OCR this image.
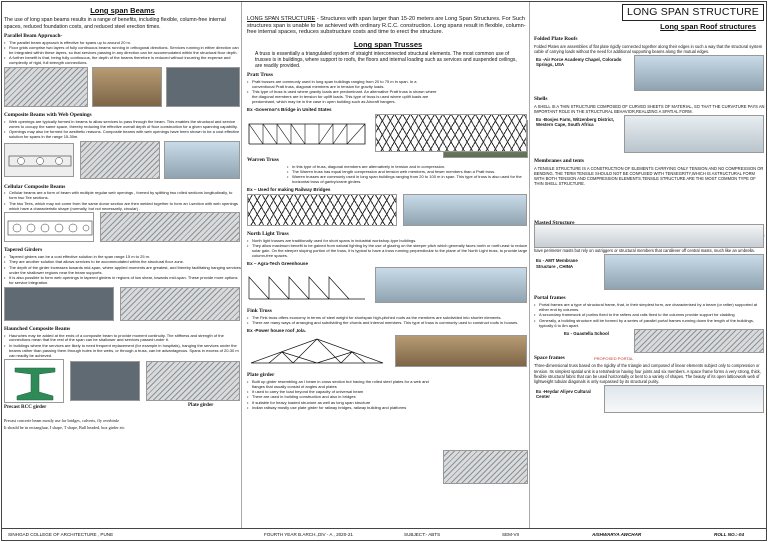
Long span Beams
The use of long span beams results in a range of benefits, including flexible, column-free internal spaces, reduced foundation costs, and reduced steel erection times.
Parallel Beam Approach-
• The parallel beam approach is effective for spans up to around 20 m.
• Floor grids comprise two layers of fully continuous beams running in orthogonal directions. Services running in either direction can be integrated within these layers, so that services passing in any direction can be accommodated within the structural floor depth.
• A further benefit is that, being fully continuous, the depth of the beams therefore is reduced without incurring the expense and complexity of rigid, full strength connections.
Composite Beams with Web Openings
• Web openings are typically formed in beams to allow services to pass through the beam. This enables the structural and service zones to occupy the same space, thereby reducing the effective overall depth of floor construction for a given spanning capability.
• Openings may also be formed for aesthetic reasons. Composite beams with web openings have been shown to be a cost effective solution for spans in the range 15-30m.
Cellular Composite Beams
• Cellular beams are a form of beam with multiple regular web openings , formed by splitting two rolled sections longitudinally, to form two Tee sections.
• The two Tees, which may not come from the same donor section are then welded together to form an I-section with web openings which have a characteristic shape (normally, but not necessarily, circular) .
Tapered Girders
• Tapered girders can be a cost effective solution in the span range 15 m to 25 m.
• They are another solution that allows services to be accommodated within the structural floor zone.
• The depth of the girder increases towards mid-span, where applied moments are greatest, and thereby facilitating hanging services under the shallower regions near the beam supports.
• It is also possible to form web openings in tapered girders in regions of low shear, towards mid-span. These provide more options for service integration.
Haunched Composite Beams
• Haunches may be added at the ends of a composite beam to provide moment continuity. The stiffness and strength of the connections mean that the rest of the span can be shallower and services passed under it.
• In buildings where the services are likely to need frequent replacement (for example in hospitals), hanging the services under the beams rather than passing them through holes in the webs, or through a truss, can be advantageous. Spans in excess of 20-30 m can readily be achieved.
Precast RCC girder	Plate girder
Precast concrete beam mostly use for bridges, culverts, fly overbirdz
It should be in rectangluar, I shape, T shape, Bull headed, box girder etc
LONG SPAN STRUCTURE - Structures with span larger than 15-20 meters are Long Span Structures. For Such structures span is unable to be achieved with ordinary R.C.C. construction. Long spans result in flexible, column-free internal spaces, reduces substructure costs and time to erect the structure.
Long span Trusses
A truss is essentially a triangulated system of straight interconnected structural elements. The most common use of trusses is in buildings, where support to roofs, the floors and internal loading such as services and suspended ceilings, are readily provided.
Pratt Truss
• Pratt trusses are commonly used in long span buildings ranging from 20 to 75 m in span. In a conventional Pratt truss, diagonal members are in tension for gravity loads.
• This type of truss is used where gravity loads are predominant. An alternative Pratt truss is shown where the diagonal members are in tension for uplift loads. This type of truss is used where uplift loads are predominant, which may be in the case in open building such as Aircraft hangers.
Ex -Governor's Bridge in United States
Warren Truss
• In this type of truss, diagonal members are alternatively in tension and in compression.
• The Warren truss has equal length compression and tension web members, and fewer members than a Pratt truss.
• Warren trusses are commonly used in long span buildings ranging from 20 to 100 m in span. This type of truss is also used for the horizontal truss of gantry/crane girders.
Ex – Used for making Railway Bridges
North Light Truss
• North light trusses are traditionally used for short spans in industrial workshop-type buildings.
• They allow maximum benefit to be gained from natural lighting by the use of glazing on the steeper pitch which generally faces north or north-east to reduce solar gain. On the steeper sloping portion of the truss, it is typical to have a truss running perpendicular to the plane of the North Light truss, to provide large column-free spaces.
Ex – Agra-Tech Greenhouse
Fink Truss
• The Fink truss offers economy in terms of steel weight for shortspan high-pitched roofs as the members are subdivided into shorter elements.
• There are many ways of arranging and subdividing the chords and internal members. This type of truss is commonly used to construct roofs in houses.
Ex -Power house roof ,Iola.
Plate girder
• Built up girder resembling an I beam in cross section but having the rolled steel plates for a web and flanges that usually consist of angles and plates
• It used to carry the load beyond the capacity of universal beam
• There are used in building construction and also in bridges
• It suitable for heavy loaded structure as well as long span structure
• Indian railway mostly use plate girder for railway bridges, railway building and platforms
Long span Roof structures
Folded Plate Roofs
Folded Plates are assemblies of flat plate rigidly connected together along their edges in such a way that the structural system cable of carrying loads without the need for additional supporting beams along the mutual edges.
Ex -Air Force Academy Chapel, Colorado Springs, USA
Shells
A SHELL IS A THIN STRUCTURE COMPOSED OF CURVED SHEETS OF MATERIAL, SO THAT THE CURVATURE PAYS AN IMPORTANT ROLE IN THE STRUCTURAL BEHAVIOR,REALIZING A SPATIAL FORM.
Ex -Bosjes Farm, Witzenberg District, Western Cape, South Africa
Membranes and tents
A TENSILE STRUCTURE IS A CONSTRUCTION OF ELEMENTS CARRYING ONLY TENSION AND NO COMPRESSION OR BENDING. THE TERM TENSILE SHOULD NOT BE CONFUSED WITH TENSEGRITY,WHICH IS ASTRUCTURAL FORM WITH BOTH TENSION AND COMPRESSION ELEMENTS.TENSILE STRUCTURE ARE THE MOST COMMON TYPE OF THIN SHELL STRUCTURE.
have perimeter masts but rely on outriggers or structural members that cantilever off central masts, much like an umbrella.
Ex - AMT Membrane Structure , CHINA
Portal frames
• Portal frames are a type of structural frame, that, in their simplest form, are characterised by a beam (or rafter) supported at either end by columns.
• A secondary framework of purlins fixed to the rafters and rails fixed to the columns provide support for cladding
• Generally, a building structure will be formed by a series of parallel portal frames running down the length of the buildings, typically 6 to 8m apart.
Ex - Guastella School
Space frames	PROPOSED PORTAL
Three-dimensional truss based on the rigidity of the triangle and composed of linear elements subject only to compression or tension. Its simplest spatial unit is a tetrahedron having four joints and six members. A space frame forms a very strong, thick, flexible structural fabric that can be used horizontally or bent to a variety of shapes. The beauty of its open latticework web of lightweight tubular diagonals is only surpassed by its structural purity.
Ex -Heydar Aliyev Cultural Center
LONG SPAN STRUCTURE
SINHGAD COLLEGE OF ARCHITECTURE , PUNE	FOURTH YEAR B.ARCH.,DIV - A , 2020-21	SUBJECT:- ABTS	SEM-VII	AISHWARYA AWCHAR	ROLL NO.:-04
